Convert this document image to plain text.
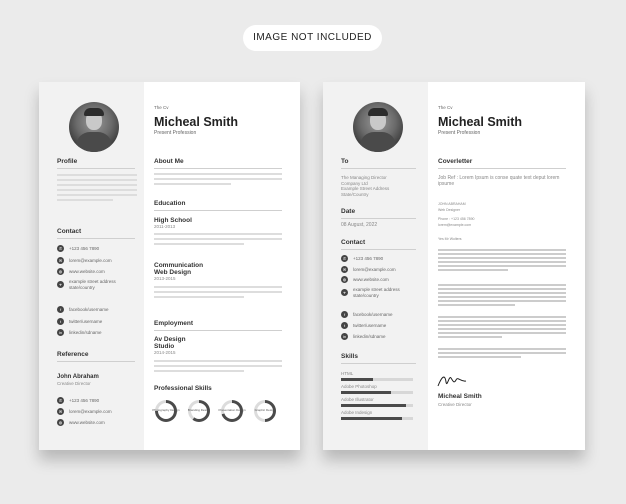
IMAGE NOT INCLUDED
Profile
Contact
✆	+123 456 7890
✉	lorem@example.com
◍	www.website.com
⌖
example street address state/country
f	facebook/username
t	twitter/username
in	linkedin/sdname
Reference
John Abraham
Creative Director
✆	+123 456 7890
✉	lorem@example.com
◍	www.website.com
The Cv
Micheal Smith
Present Profession
About Me
Education
High School
2011-2013
Communication Web Design
2013-2015
Employment
Av Design Studio
2014-2015
Professional Skills
Photography Design	Branding Design	Presentation Design	Graphic Design
To
The Managing Director
Company Ltd
Example Street Address
State/Country
Date
08 August, 2022
Contact
✆	+123 456 7890
✉	lorem@example.com
◍	www.website.com
⌖
example street address state/country
f	facebook/username
t	twitter/username
in	linkedin/sdname
Skills
HTML
Adobe Photoshop
Adobe Illustrator
Adobe Indesign
The Cv
Micheal Smith
Present Profession
Coverletter
Job Ref : Lorem Ipsum is conse quate text deput lorem ipsume
JOHN ABRAHAM
Web Designer
Phone : +123 456 7890
lorem@example.com
Yes Mr Wolters
Micheal Smith
Creative Director
